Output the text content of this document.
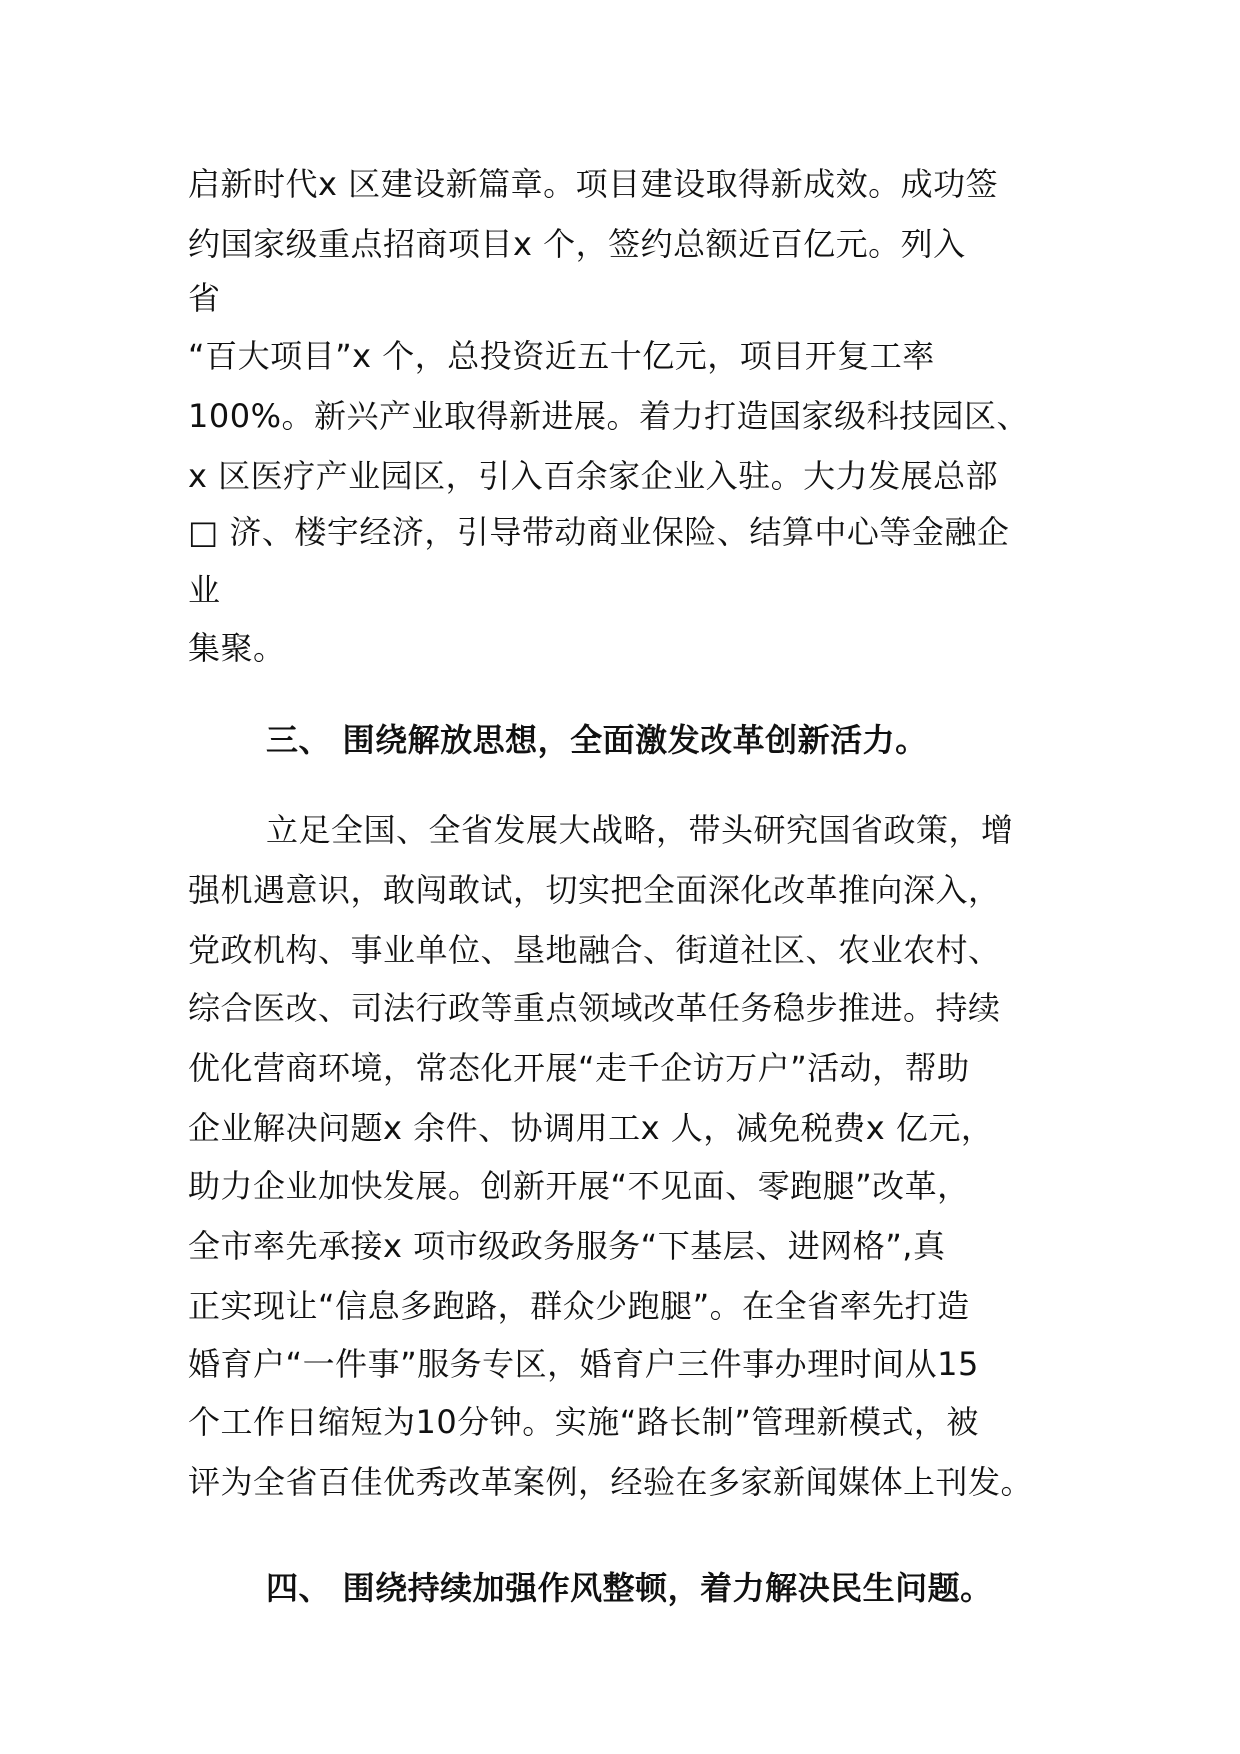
启新时代x 区建设新篇章。项目建设取得新成效。成功签

约国家级重点招商项目x 个，签约总额近百亿元。列入

省

“百大项目”x 个，总投资近五十亿元，项目开复工率

100%。新兴产业取得新进展。着力打造国家级科技园区、

x 区医疗产业园区，引入百余家企业入驻。大力发展总部

□ 济、楼宇经济，引导带动商业保险、结算中心等金融企

业

集聚。

三、 围绕解放思想，全面激发改革创新活力。

立足全国、全省发展大战略，带头研究国省政策，增

强机遇意识，敢闯敢试，切实把全面深化改革推向深入，

党政机构、事业单位、垦地融合、街道社区、农业农村、

综合医改、司法行政等重点领域改革任务稳步推进。持续

优化营商环境，常态化开展“走千企访万户”活动，帮助

企业解决问题x 余件、协调用工x 人，减免税费x 亿元，

助力企业加快发展。创新开展“不见面、零跑腿”改革，

全市率先承接x 项市级政务服务“下基层、进网格”,真

正实现让“信息多跑路，群众少跑腿”。在全省率先打造

婚育户“一件事”服务专区，婚育户三件事办理时间从15

个工作日缩短为10分钟。实施“路长制”管理新模式，被

评为全省百佳优秀改革案例，经验在多家新闻媒体上刊发。

四、 围绕持续加强作风整顿，着力解决民生问题。
